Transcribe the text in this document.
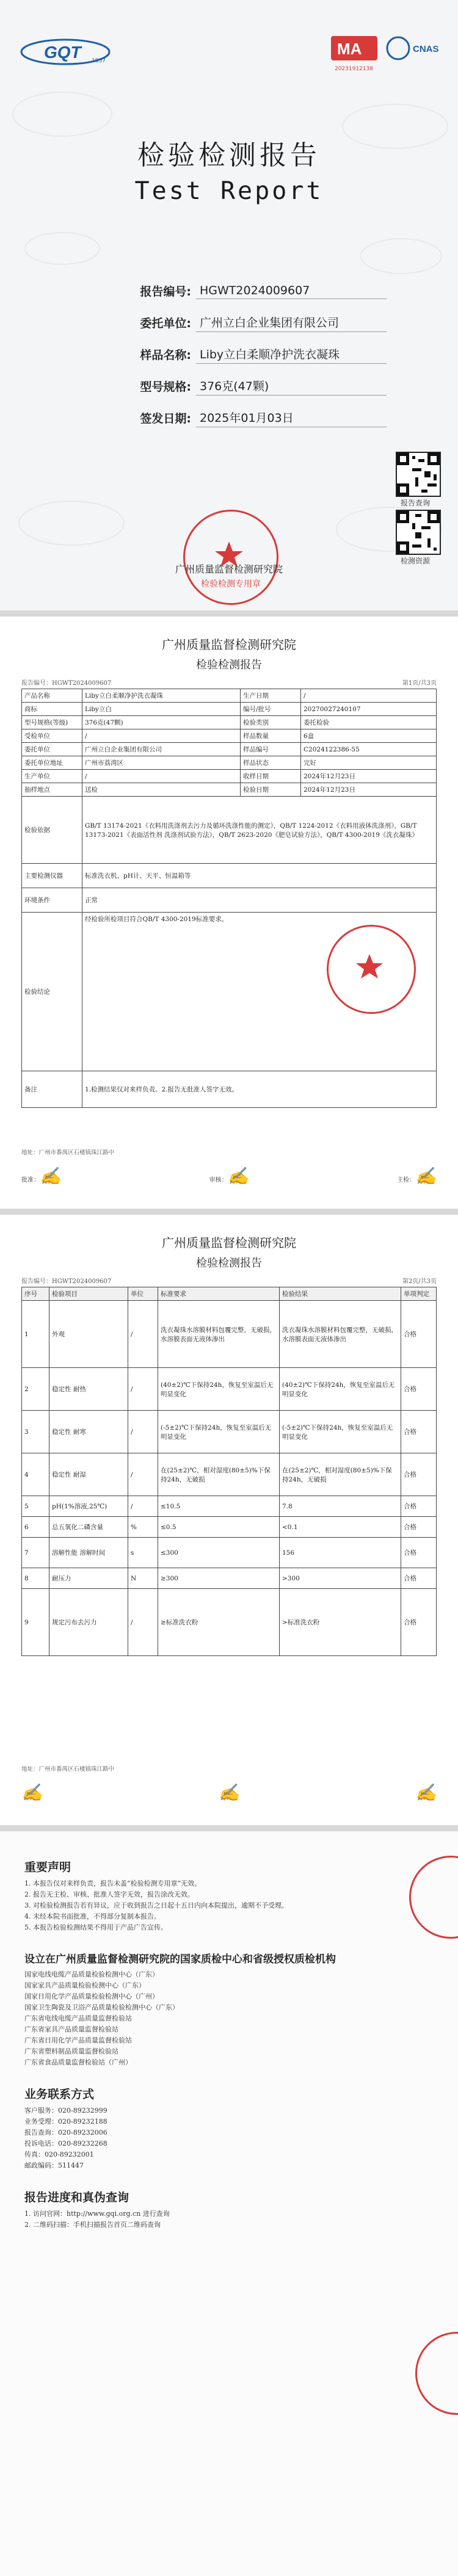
GQT	1957
MA
20231912138
CNAS
检验检测报告
Test Report
报告编号: HGWT2024009607
委托单位: 广州立白企业集团有限公司
样品名称: Liby立白柔顺净护洗衣凝珠
型号规格: 376克(47颗)
签发日期: 2025年01月03日
报告查询
检测资源
检验检测专用章
广州质量监督检测研究院
广州质量监督检测研究院
检验检测报告
报告编号：HGWT2024009607	第1页/共3页
产品名称	Liby立白柔顺净护洗衣凝珠	生产日期	/
商标	Liby立白	编号/批号	20270027240107
型号规格(等级)	376克(47颗)	检验类别	委托检验
受检单位	/	样品数量	6盒
委托单位	广州立白企业集团有限公司	样品编号	C2024122386-55
委托单位地址	广州市荔湾区	样品状态	完好
生产单位	/	收样日期	2024年12月23日
抽样地点	送检	检验日期	2024年12月23日
检验依据	GB/T 13174-2021《衣料用洗涤剂去污力及循环洗涤性能的测定》，QB/T 1224-2012《衣料用液体洗涤剂》，GB/T 13173-2021《表面活性剂 洗涤剂试验方法》，QB/T 2623-2020《肥皂试验方法》，QB/T 4300-2019《洗衣凝珠》		
主要检测仪器	标准洗衣机、pH计、天平、恒温箱等		
环境条件	正常		
检验结论	经检验所检项目符合QB/T 4300-2019标准要求。		

备注	1.检测结果仅对来样负责。2.报告无批准人签字无效。		
地址：广州市番禺区石楼镇珠江路中
批准：✍	审核：✍	主检：✍
广州质量监督检测研究院
检验检测报告
报告编号：HGWT2024009607	第2页/共3页
序号	检验项目	单位	标准要求	检验结果	单项判定
1	外观	/	洗衣凝珠水溶膜材料包覆完整，无破损，水溶膜表面无液体渗出	洗衣凝珠水溶膜材料包覆完整，无破损，水溶膜表面无液体渗出	合格
2	稳定性 耐热	/	(40±2)℃下保持24h，恢复至室温后无明显变化	(40±2)℃下保持24h，恢复至室温后无明显变化	合格
3	稳定性 耐寒	/	(-5±2)℃下保持24h，恢复至室温后无明显变化	(-5±2)℃下保持24h，恢复至室温后无明显变化	合格
4	稳定性 耐湿	/	在(25±2)℃，相对湿度(80±5)%下保持24h，无破损	在(25±2)℃，相对湿度(80±5)%下保持24h，无破损	合格
5	pH(1%溶液,25℃)	/	≤10.5	7.8	合格
6	总五氧化二磷含量	%	≤0.5	<0.1	合格
7	溶解性能 溶解时间	s	≤300	156	合格
8	耐压力	N	≥300	>300	合格
9	规定污布去污力	/	≥标准洗衣粉	>标准洗衣粉	合格
地址：广州市番禺区石楼镇珠江路中
✍	✍	✍
重要声明
1. 本报告仅对来样负责，报告未盖“检验检测专用章”无效。
2. 报告无主检、审核、批准人签字无效，报告涂改无效。
3. 对检验检测报告若有异议，应于收到报告之日起十五日内向本院提出，逾期不予受理。
4. 未经本院书面批准，不得部分复制本报告。
5. 本报告检验检测结果不得用于产品广告宣传。
设立在广州质量监督检测研究院的国家质检中心和省级授权质检机构
国家电线电缆产品质量检验检测中心（广东）
国家家具产品质量检验检测中心（广东）
国家日用化学产品质量检验检测中心（广州）
国家卫生陶瓷及卫浴产品质量检验检测中心（广东）
广东省电线电缆产品质量监督检验站
广东省家具产品质量监督检验站
广东省日用化学产品质量监督检验站
广东省塑料制品质量监督检验站
广东省食品质量监督检验站（广州）
业务联系方式
客户服务：020-89232999
业务受理：020-89232188
报告查询：020-89232006
投诉电话：020-89232268
传真：020-89232001
邮政编码：511447
报告进度和真伪查询
1. 访问官网：http://www.gqi.org.cn 进行查询
2. 二维码扫描：手机扫描报告首页二维码查询
